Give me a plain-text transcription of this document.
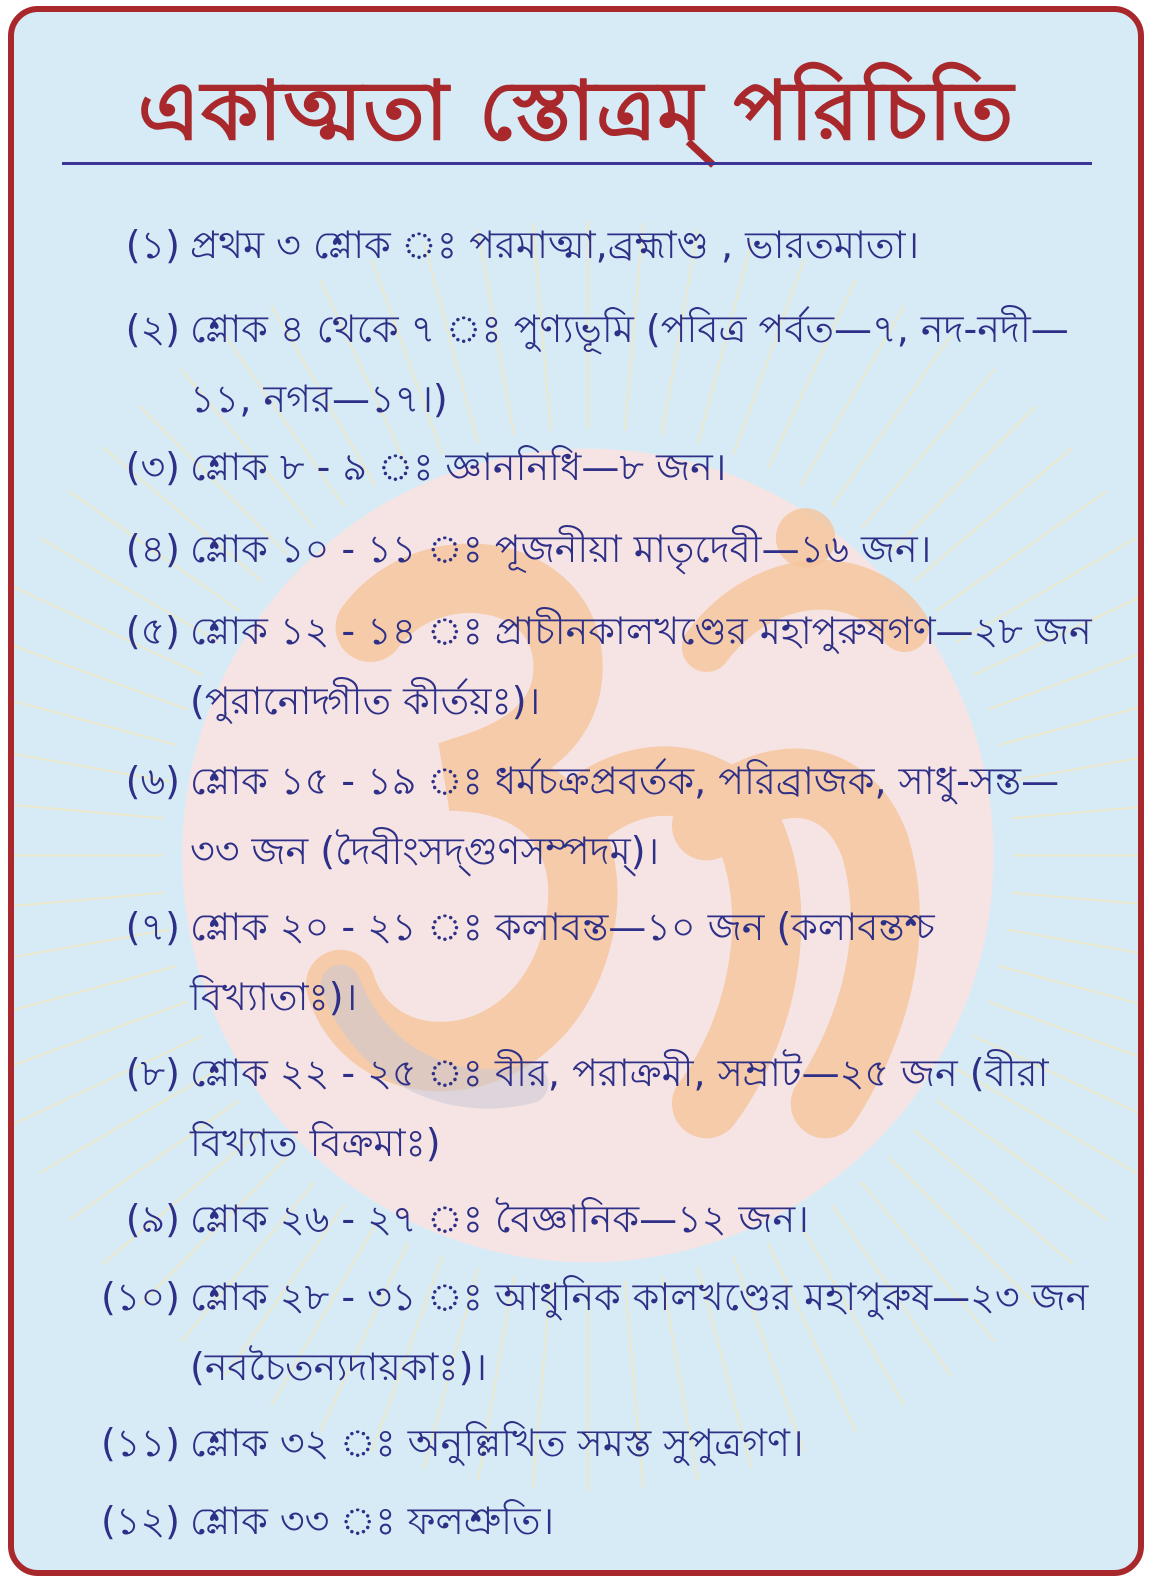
একাত্মতা স্তোত্রম্ পরিচিতি
(১) প্রথম ৩ শ্লোক ঃ পরমাত্মা,ব্রহ্মাণ্ড , ভারতমাতা।
(২) শ্লোক ৪ থেকে ৭ ঃ পুণ্যভূমি (পবিত্র পর্বত—৭, নদ-নদী—১১, নগর—১৭।)
(৩) শ্লোক ৮ - ৯ ঃ জ্ঞাননিধি—৮ জন।
(৪) শ্লোক ১০ - ১১ ঃ পূজনীয়া মাতৃদেবী—১৬ জন।
(৫) শ্লোক ১২ - ১৪ ঃ প্রাচীনকালখণ্ডের মহাপুরুষগণ—২৮ জন (পুরানোদ্গীত কীর্তয়ঃ)।
(৬) শ্লোক ১৫ - ১৯ ঃ ধর্মচক্রপ্রবর্তক, পরিব্রাজক, সাধু-সন্ত—৩৩ জন (দৈবীংসদ্গুণসম্পদম্)।
(৭) শ্লোক ২০ - ২১ ঃ কলাবন্ত—১০ জন (কলাবন্তশ্চ বিখ্যাতাঃ)।
(৮) শ্লোক ২২ - ২৫ ঃ বীর, পরাক্রমী, সম্রাট—২৫ জন (বীরা বিখ্যাত বিক্রমাঃ)
(৯) শ্লোক ২৬ - ২৭ ঃ বৈজ্ঞানিক—১২ জন।
(১০) শ্লোক ২৮ - ৩১ ঃ আধুনিক কালখণ্ডের মহাপুরুষ—২৩ জন (নবচৈতন্যদায়কাঃ)।
(১১) শ্লোক ৩২ ঃ অনুল্লিখিত সমস্ত সুপুত্রগণ।
(১২) শ্লোক ৩৩ ঃ ফলশ্রুতি।
